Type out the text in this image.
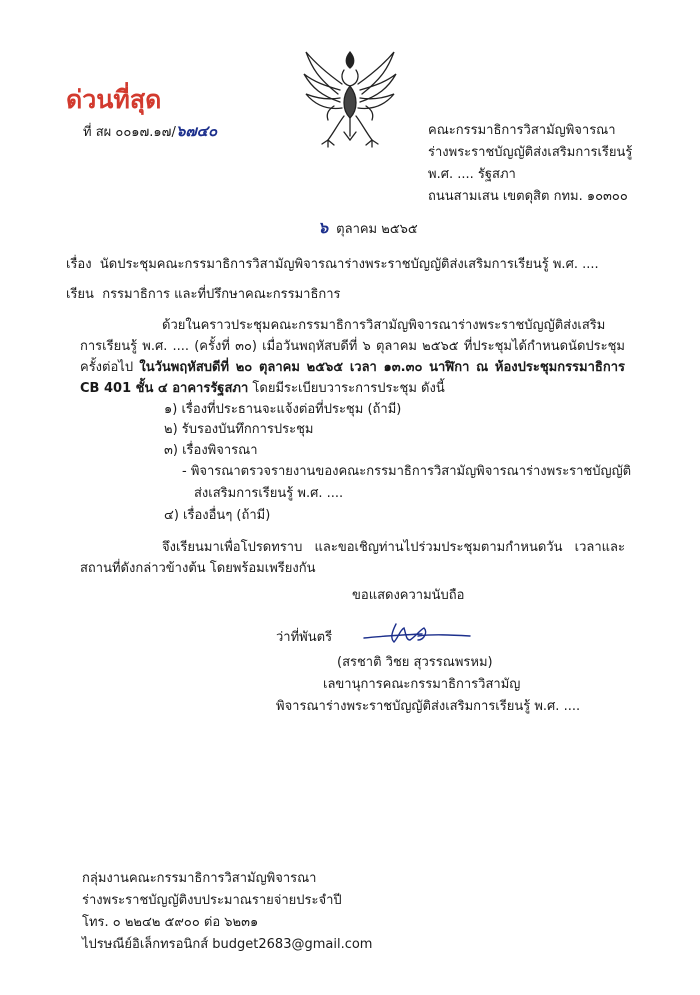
ด่วนที่สุด
ที่ สผ ๐๐๑๗.๑๗/๖๗๔๐	คณะกรรมาธิการวิสามัญพิจารณา
ร่างพระราชบัญญัติส่งเสริมการเรียนรู้
พ.ศ. .... รัฐสภา
ถนนสามเสน เขตดุสิต กทม. ๑๐๓๐๐
๖ ตุลาคม ๒๕๖๕
เรื่อง นัดประชุมคณะกรรมาธิการวิสามัญพิจารณาร่างพระราชบัญญัติส่งเสริมการเรียนรู้ พ.ศ. ....
เรียน กรรมาธิการ และที่ปรึกษาคณะกรรมาธิการ
ด้วยในคราวประชุมคณะกรรมาธิการวิสามัญพิจารณาร่างพระราชบัญญัติส่งเสริมการเรียนรู้ พ.ศ. .... (ครั้งที่ ๓๐) เมื่อวันพฤหัสบดีที่ ๖ ตุลาคม ๒๕๖๕ ที่ประชุมได้กำหนดนัดประชุมครั้งต่อไป ในวันพฤหัสบดีที่ ๒๐ ตุลาคม ๒๕๖๕ เวลา ๑๓.๓๐ นาฬิกา ณ ห้องประชุมกรรมาธิการ CB 401 ชั้น ๔ อาคารรัฐสภา โดยมีระเบียบวาระการประชุม ดังนี้
๑) เรื่องที่ประธานจะแจ้งต่อที่ประชุม (ถ้ามี)
๒) รับรองบันทึกการประชุม
๓) เรื่องพิจารณา
- พิจารณาตรวจรายงานของคณะกรรมาธิการวิสามัญพิจารณาร่างพระราชบัญญัติ
ส่งเสริมการเรียนรู้ พ.ศ. ....
๔) เรื่องอื่นๆ (ถ้ามี)
จึงเรียนมาเพื่อโปรดทราบ และขอเชิญท่านไปร่วมประชุมตามกำหนดวัน เวลาและสถานที่ดังกล่าวข้างต้น โดยพร้อมเพรียงกัน
ขอแสดงความนับถือ
ว่าที่พันตรี
(สรชาติ วิชย สุวรรณพรหม)
เลขานุการคณะกรรมาธิการวิสามัญ
พิจารณาร่างพระราชบัญญัติส่งเสริมการเรียนรู้ พ.ศ. ....
กลุ่มงานคณะกรรมาธิการวิสามัญพิจารณา
ร่างพระราชบัญญัติงบประมาณรายจ่ายประจำปี
โทร. ๐ ๒๒๔๒ ๕๙๐๐ ต่อ ๖๒๓๑
ไปรษณีย์อิเล็กทรอนิกส์ budget2683@gmail.com
